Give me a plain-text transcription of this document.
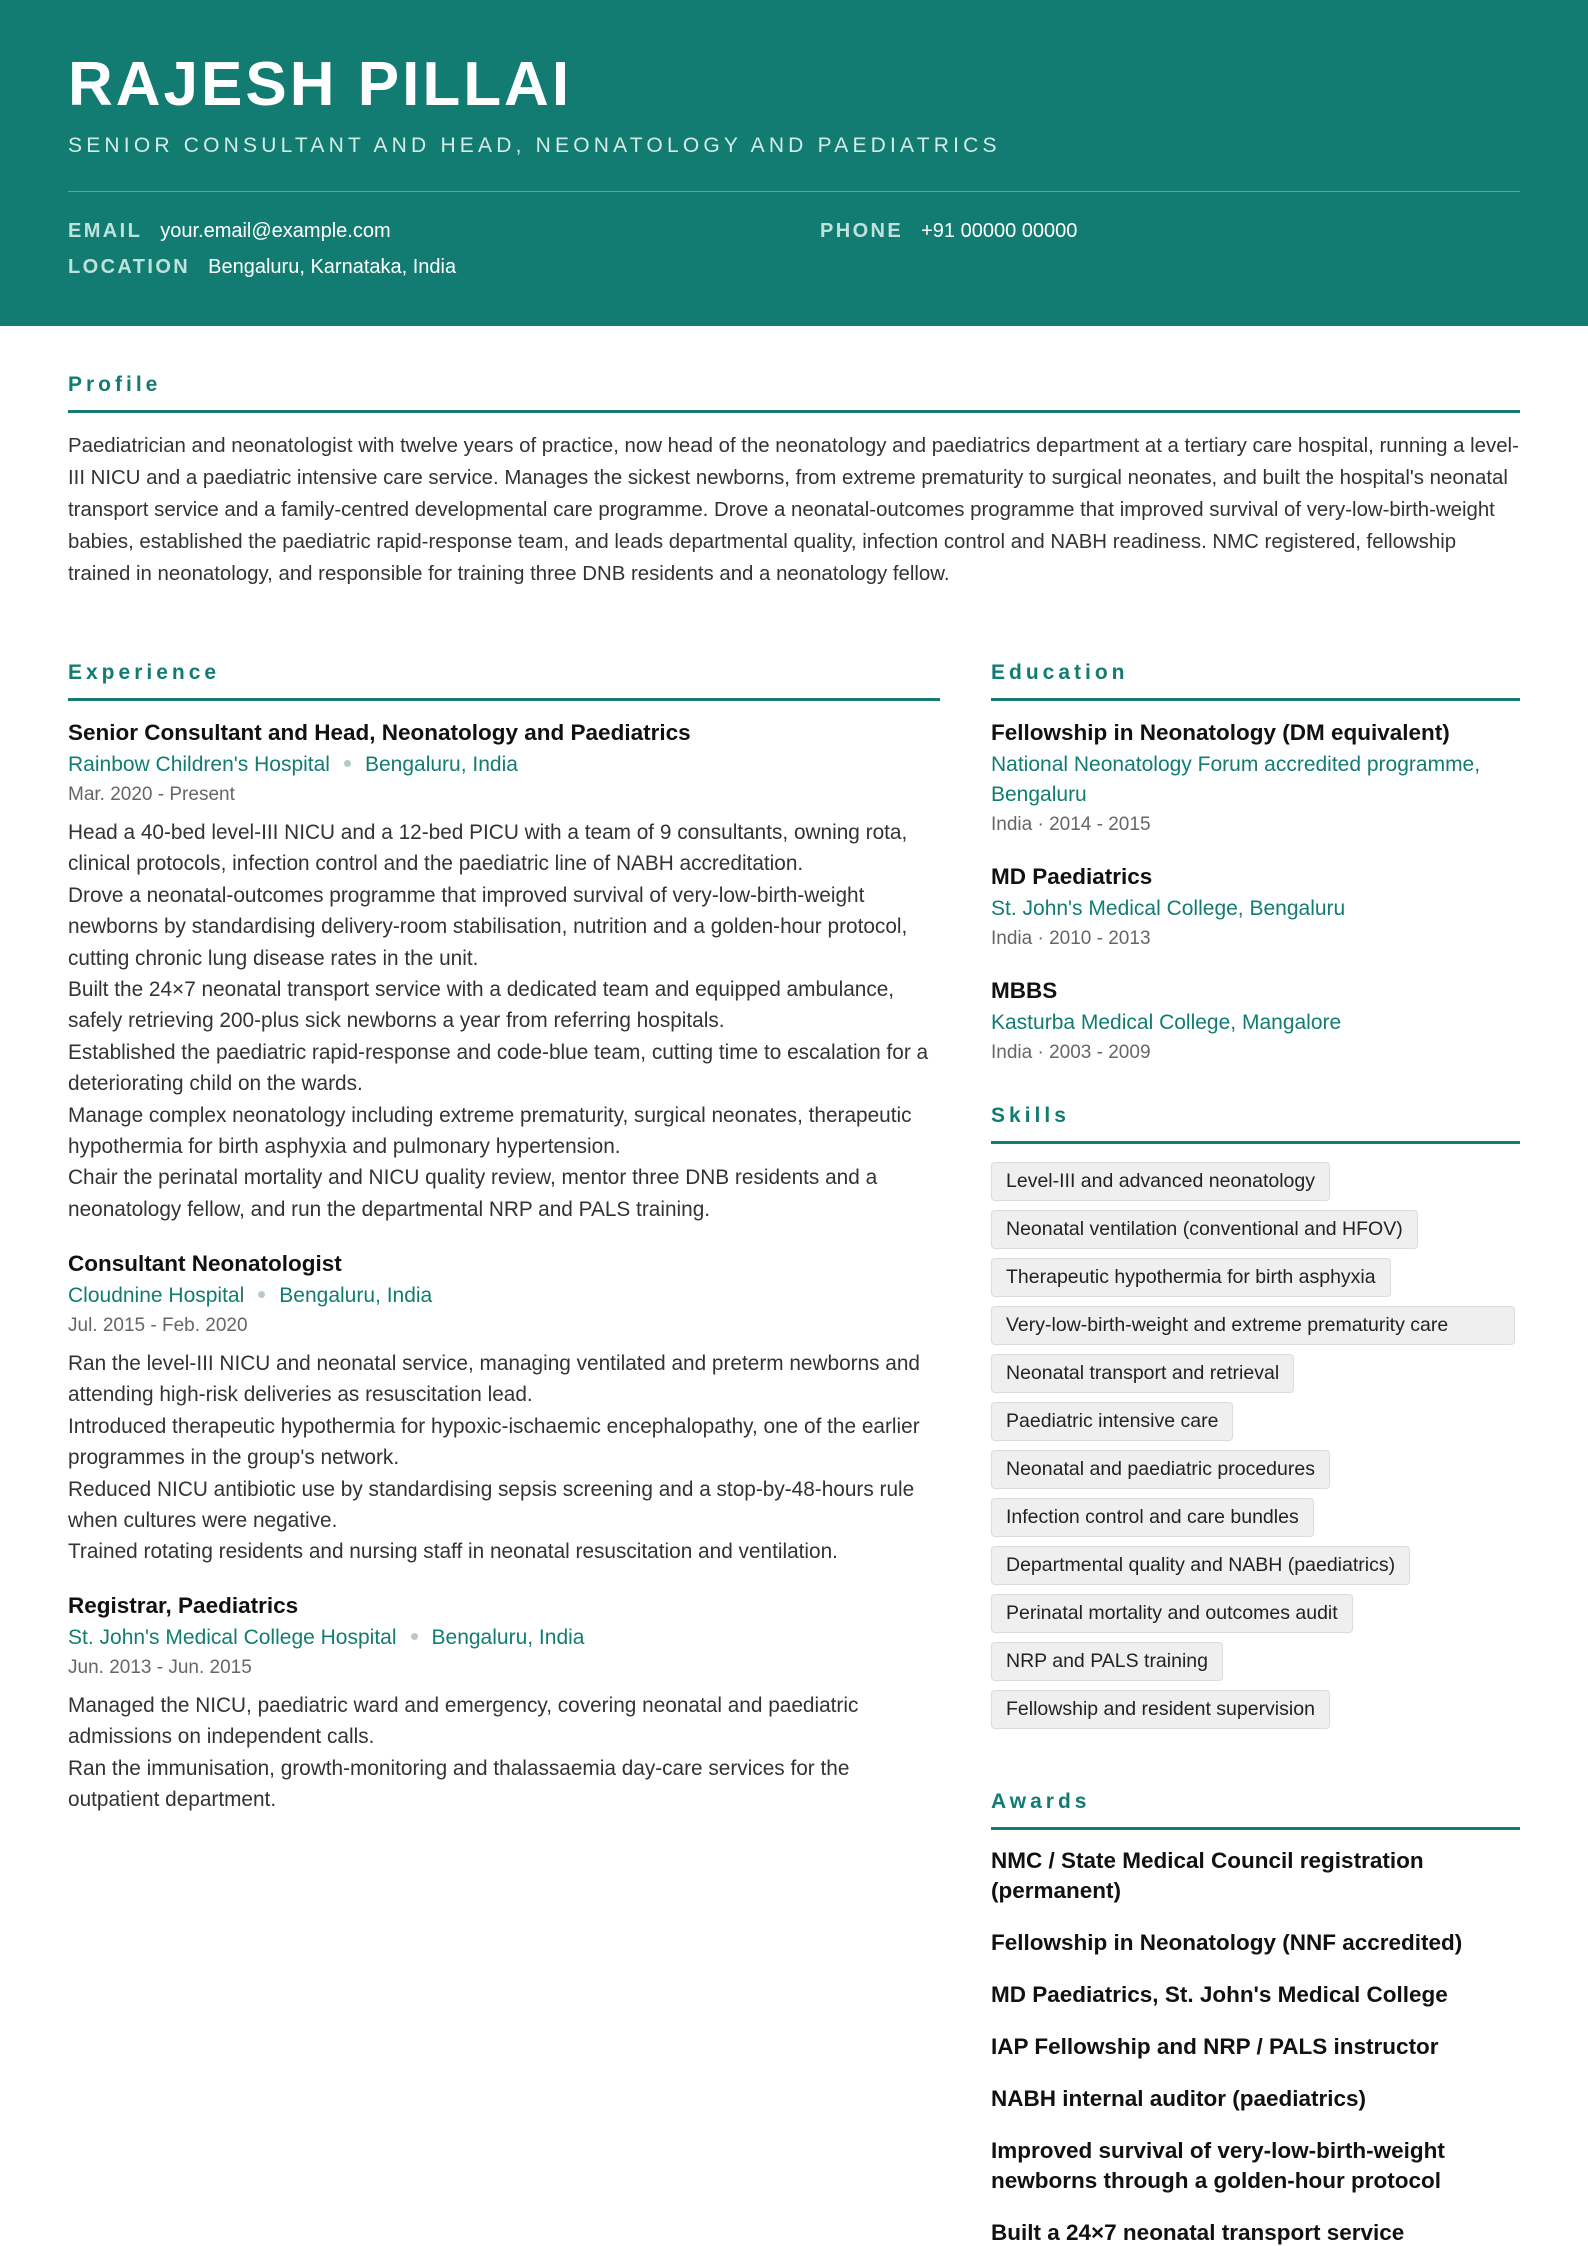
RAJESH PILLAI
SENIOR CONSULTANT AND HEAD, NEONATOLOGY AND PAEDIATRICS
EMAIL your.email@example.com	PHONE +91 00000 00000
LOCATION Bengaluru, Karnataka, India
Profile
Paediatrician and neonatologist with twelve years of practice, now head of the neonatology and paediatrics department at a tertiary care hospital, running a level-III NICU and a paediatric intensive care service. Manages the sickest newborns, from extreme prematurity to surgical neonates, and built the hospital's neonatal transport service and a family-centred developmental care programme. Drove a neonatal-outcomes programme that improved survival of very-low-birth-weight babies, established the paediatric rapid-response team, and leads departmental quality, infection control and NABH readiness. NMC registered, fellowship trained in neonatology, and responsible for training three DNB residents and a neonatology fellow.
Experience
Senior Consultant and Head, Neonatology and Paediatrics
Rainbow Children's Hospital Bengaluru, India
Mar. 2020 - Present

Head a 40-bed level-III NICU and a 12-bed PICU with a team of 9 consultants, owning rota, clinical protocols, infection control and the paediatric line of NABH accreditation.

Drove a neonatal-outcomes programme that improved survival of very-low-birth-weight newborns by standardising delivery-room stabilisation, nutrition and a golden-hour protocol, cutting chronic lung disease rates in the unit.

Built the 24×7 neonatal transport service with a dedicated team and equipped ambulance, safely retrieving 200-plus sick newborns a year from referring hospitals.

Established the paediatric rapid-response and code-blue team, cutting time to escalation for a deteriorating child on the wards.

Manage complex neonatology including extreme prematurity, surgical neonates, therapeutic hypothermia for birth asphyxia and pulmonary hypertension.

Chair the perinatal mortality and NICU quality review, mentor three DNB residents and a neonatology fellow, and run the departmental NRP and PALS training.

Consultant Neonatologist
Cloudnine Hospital Bengaluru, India
Jul. 2015 - Feb. 2020

Ran the level-III NICU and neonatal service, managing ventilated and preterm newborns and attending high-risk deliveries as resuscitation lead.

Introduced therapeutic hypothermia for hypoxic-ischaemic encephalopathy, one of the earlier programmes in the group's network.

Reduced NICU antibiotic use by standardising sepsis screening and a stop-by-48-hours rule when cultures were negative.

Trained rotating residents and nursing staff in neonatal resuscitation and ventilation.

Registrar, Paediatrics
St. John's Medical College Hospital Bengaluru, India
Jun. 2013 - Jun. 2015

Managed the NICU, paediatric ward and emergency, covering neonatal and paediatric admissions on independent calls.

Ran the immunisation, growth-monitoring and thalassaemia day-care services for the outpatient department.

Education
Fellowship in Neonatology (DM equivalent)
National Neonatology Forum accredited programme, Bengaluru
India · 2014 - 2015
MD Paediatrics
St. John's Medical College, Bengaluru
India · 2010 - 2013
MBBS
Kasturba Medical College, Mangalore
India · 2003 - 2009
Skills
Level-III and advanced neonatology
Neonatal ventilation (conventional and HFOV)
Therapeutic hypothermia for birth asphyxia
Very-low-birth-weight and extreme prematurity care
Neonatal transport and retrieval
Paediatric intensive care
Neonatal and paediatric procedures
Infection control and care bundles
Departmental quality and NABH (paediatrics)
Perinatal mortality and outcomes audit
NRP and PALS training
Fellowship and resident supervision
Awards
NMC / State Medical Council registration (permanent)
Fellowship in Neonatology (NNF accredited)
MD Paediatrics, St. John's Medical College
IAP Fellowship and NRP / PALS instructor
NABH internal auditor (paediatrics)
Improved survival of very-low-birth-weight newborns through a golden-hour protocol
Built a 24×7 neonatal transport service
